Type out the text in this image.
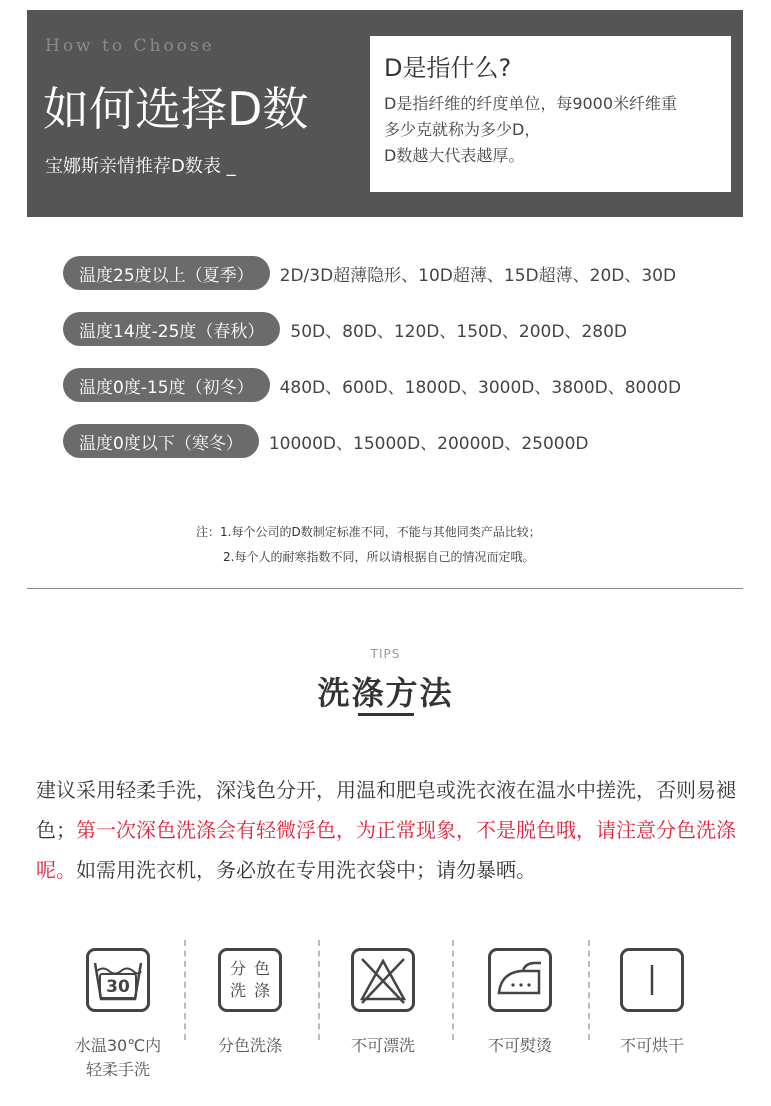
How to Choose
如何选择D数
宝娜斯亲情推荐D数表 _
D是指什么?
D是指纤维的纤度单位，每9000米纤维重
多少克就称为多少D，
D数越大代表越厚。
温度25度以上（夏季）	2D/3D超薄隐形、10D超薄、15D超薄、20D、30D
温度14度-25度（春秋）	50D、80D、120D、150D、200D、280D
温度0度-15度（初冬）	480D、600D、1800D、3000D、3800D、8000D
温度0度以下（寒冬）	10000D、15000D、20000D、25000D
注：1.每个公司的D数制定标准不同，不能与其他同类产品比较；
2.每个人的耐寒指数不同，所以请根据自己的情况而定哦。
TIPS
洗涤方法
建议采用轻柔手洗，深浅色分开，用温和肥皂或洗衣液在温水中搓洗，否则易褪色；第一次深色洗涤会有轻微浮色，为正常现象，不是脱色哦，请注意分色洗涤呢。如需用洗衣机，务必放在专用洗衣袋中；请勿暴晒。
30
水温30℃内
轻柔手洗
分 色
洗 涤
分色洗涤	不可漂洗	不可熨烫	不可烘干
